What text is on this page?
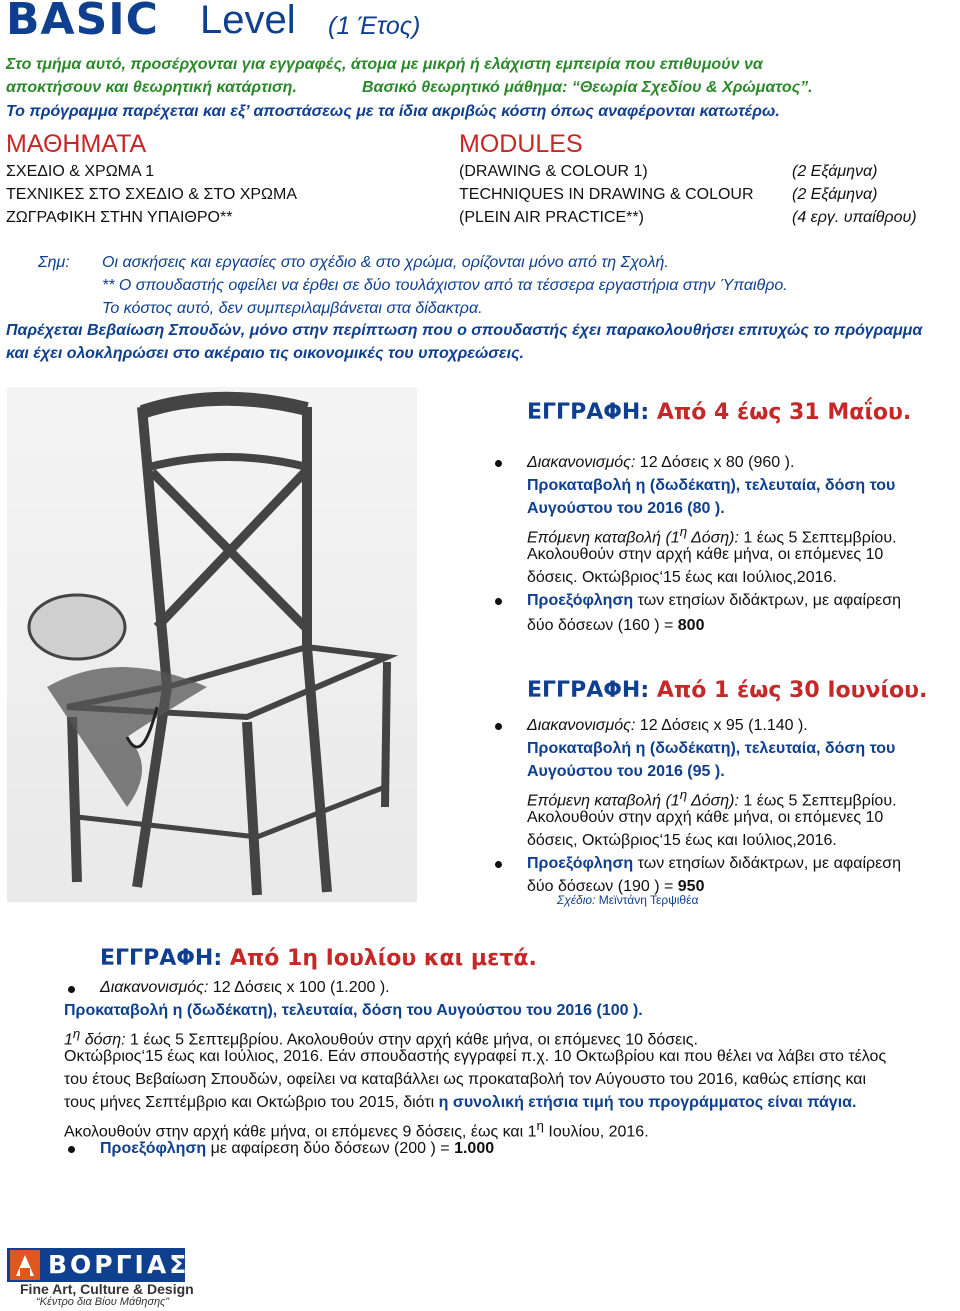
BASIC Level (1 Έτος)
Στο τμήμα αυτό, προσέρχονται για εγγραφές, άτομα με μικρή ή ελάχιστη εμπειρία που επιθυμούν να
αποκτήσουν και θεωρητική κατάρτιση.	Βασικό θεωρητικό μάθημα: “Θεωρία Σχεδίου & Χρώματος”.
Το πρόγραμμα παρέχεται και εξ’ αποστάσεως με τα ίδια ακριβώς κόστη όπως αναφέρονται κατωτέρω.
ΜΑΘΗΜΑΤΑ	MODULES
ΣΧΕΔΙΟ & ΧΡΩΜΑ 1	(DRAWING & COLOUR 1)	(2 Εξάμηνα)
ΤΕΧΝΙΚΕΣ ΣΤΟ ΣΧΕΔΙΟ & ΣΤΟ ΧΡΩΜΑ	TECHNIQUES IN DRAWING & COLOUR (2 Εξάμηνα)
ΖΩΓΡΑΦΙΚΗ ΣΤΗΝ ΥΠΑΙΘΡΟ**	(PLEIN AIR PRACTICE**)	(4 εργ. υπαίθρου)
Σημ: Οι ασκήσεις και εργασίες στο σχέδιο & στο χρώμα, ορίζονται μόνο από τη Σχολή.
** Ο σπουδαστής οφείλει να έρθει σε δύο τουλάχιστον από τα τέσσερα εργαστήρια στην Ύπαιθρο.
Το κόστος αυτό, δεν συμπεριλαμβάνεται στα δίδακτρα.
Παρέχεται Βεβαίωση Σπουδών, μόνο στην περίπτωση που ο σπουδαστής έχει παρακολουθήσει επιτυχώς το πρόγραμμα
και έχει ολοκληρώσει στο ακέραιο τις οικονομικές του υποχρεώσεις.
ΕΓΓΡΑΦΗ: Από 4 έως 31 Μαΐου.
Διακανονισμός: 12 Δόσεις x 80 (960 ).
Προκαταβολή η (δωδέκατη), τελευταία, δόση του
Αυγούστου του 2016 (80 ).
Επόμενη καταβολή ($1^\eta$ Δόση): 1 έως 5 Σεπτεμβρίου.
Ακολουθούν στην αρχή κάθε μήνα, οι επόμενες 10
δόσεις. Οκτώβριος‘15 έως και Ιούλιος,2016.
Προεξόφληση των ετησίων διδάκτρων, με αφαίρεση
δύο δόσεων (160 ) = 800
ΕΓΓΡΑΦΗ: Από 1 έως 30 Ιουνίου.
Διακανονισμός: 12 Δόσεις x 95 (1.140 ).
Προκαταβολή η (δωδέκατη), τελευταία, δόση του
Αυγούστου του 2016 (95 ).
Επόμενη καταβολή ($1^\eta$ Δόση): 1 έως 5 Σεπτεμβρίου.
Ακολουθούν στην αρχή κάθε μήνα, οι επόμενες 10
δόσεις, Οκτώβριος‘15 έως και Ιούλιος,2016.
Προεξόφληση των ετησίων διδάκτρων, με αφαίρεση
δύο δόσεων (190 ) = 950
Σχέδιο: Μεϊντάνη Τερψιθέα
ΕΓΓΡΑΦΗ: Από 1η Ιουλίου και μετά.
Διακανονισμός: 12 Δόσεις x 100 (1.200 ).
Προκαταβολή η (δωδέκατη), τελευταία, δόση του Αυγούστου του 2016 (100 ).
$1^\eta$ δόση: 1 έως 5 Σεπτεμβρίου. Ακολουθούν στην αρχή κάθε μήνα, οι επόμενες 10 δόσεις.
Οκτώβριος‘15 έως και Ιούλιος, 2016. Εάν σπουδαστής εγγραφεί π.χ. 10 Οκτωβρίου και που θέλει να λάβει στο τέλος
του έτους Βεβαίωση Σπουδών, οφείλει να καταβάλλει ως προκαταβολή τον Αύγουστο του 2016, καθώς επίσης και
τους μήνες Σεπτέμβριο και Οκτώβριο του 2015, διότι η συνολική ετήσια τιμή του προγράμματος είναι πάγια.
Ακολουθούν στην αρχή κάθε μήνα, οι επόμενες 9 δόσεις, έως και $1^\eta$ Ιουλίου, 2016.
Προεξόφληση με αφαίρεση δύο δόσεων (200 ) = 1.000
ΒΟΡΓΙΑΣ
Fine Art, Culture & Design
“Κέντρο δια Βίου Μάθησης”
